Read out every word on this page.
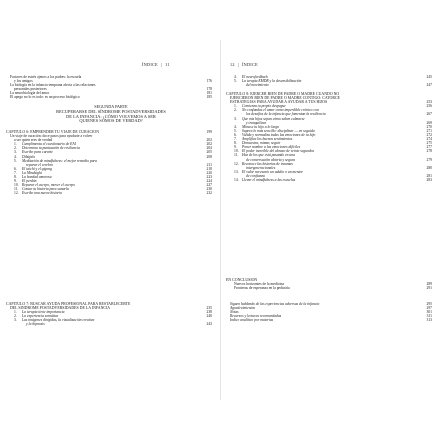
ÍNDICE | 11	12 | ÍNDICE
Factores de estrés ajenos a los padres: la escuela
y los amigos	176
La biología en la infancia temprana afecta a las relaciones
personales posteriores	178
La neurobiología del amor	181
El apego no lo es todo: es un proceso biológico	185
SEGUNDA PARTE
RECUPERARSE DEL SÍNDROME POSTADVERSIDADES
DE LA INFANCIA: ¿CÓMO VOLVEMOS A SER
QUIENES SOMOS DE VERDAD?
CAPÍTULO 6: EMPRENDER TU VIAJE DE CURACIÓN	199
Un viaje de curación: doce pasos para ayudarte a volver
a ser quien eres de verdad	202
1. Cumplimenta el cuestionario de EAI	202
2. Determina tu puntuación de resiliencia	204
3. Escribe para curarte	205
4. Dibújalo	208
5. Meditación de mindfulness: el mejor remedio para
reparar el cerebro	211
6. El taichí y el qigong	218
7. La Mindsight	220
8. La bondad amorosa	223
9. El perdón	224
10. Reparar el cuerpo, mover el cuerpo	227
11. Contar tu historia para sanarla	230
12. Escribe una nueva historia	232
CAPÍTULO 7: BUSCAR AYUDA PROFESIONAL PARA RESTABLECERTE
DEL SÍNDROME POSTADVERSIDADES DE LA INFANCIA	235
1. La terapia tiene importancia	238
2. La experiencia somática	240
3. Las imágenes dirigidas, la visualización creativa
y la hipnosis	243
4. El neurofeedback	245
5. La terapia EMDR y la desensibilización
del movimiento	247
CAPÍTULO 8: EJERCER BIEN DE PADRE O MADRE CUANDO NO
EJERCIERON BIEN DE PADRE O MADRE CONTIGO: CATORCE
ESTRATEGIAS PARA AYUDAR A AYUDAR A TUS HIJOS	253
1. Comienza tu propio despegue	256
2. No confundas el amor como imperdible crónico con
los desafíos de la infancia que fomentan la resiliencia	267
3. Que mis hijos sepan cómo saben calmarse
y tranquilizar	269
4. Mima a tu hijo a lo largo	270
5. Supera lo más sencillo: disciplinar — en seguida	271
6. Valida y normaliza todas las emociones de tu hijo	272
7. Amplifica los buenos sentimientos	274
8. Demuestra, mimar, seguir	275
9. Poner nombre a las emociones difíciles	277
10. El poder increíble del abrazo de veinte segundos	278
11. Haz de los que está pasando en una
de conversación abierta y segura	279
12. Reconoce las historias de traumas
intergeneracionales	280
13. El valor necesario un adulto o un mentor
de confianza	281
14. Llevar el mindfulness a las escuelas	283
EN CONCLUSIÓN
Nuevos horizontes de la medicina	289
Fronteras de esperanza en la pediatría	291
Siguen hablando de las experiencias adversas de la infancia	295
Agradecimientos	297
Notas	301
Recursos y lecturas recomendadas	311
Índice analítico por materias	313
